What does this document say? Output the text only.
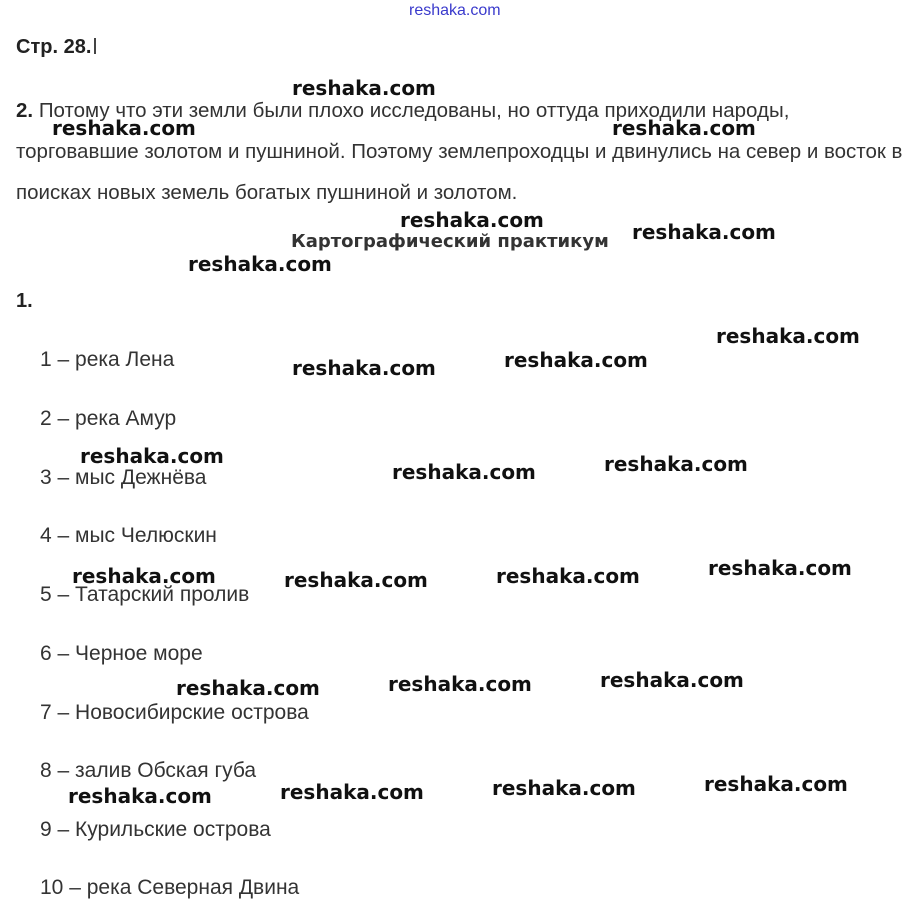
reshaka.com
Стр. 28.
2. Потому что эти земли были плохо исследованы, но оттуда приходили народы, торговавшие золотом и пушниной. Поэтому землепроходцы и двинулись на север и восток в поисках новых земель богатых пушниной и золотом.
Картографический практикум
1.
1 – река Лена
2 – река Амур
3 – мыс Дежнёва
4 – мыс Челюскин
5 – Татарский пролив
6 – Черное море
7 – Новосибирские острова
8 – залив Обская губа
9 – Курильские острова
10 – река Северная Двина
reshaka.com
reshaka.com	reshaka.com
reshaka.com	reshaka.com
reshaka.com
reshaka.com
reshaka.com
reshaka.com
reshaka.com	reshaka.com
reshaka.com
reshaka.com
reshaka.com	reshaka.com
reshaka.com
reshaka.com
reshaka.com
reshaka.com
reshaka.com
reshaka.com
reshaka.com
reshaka.com
